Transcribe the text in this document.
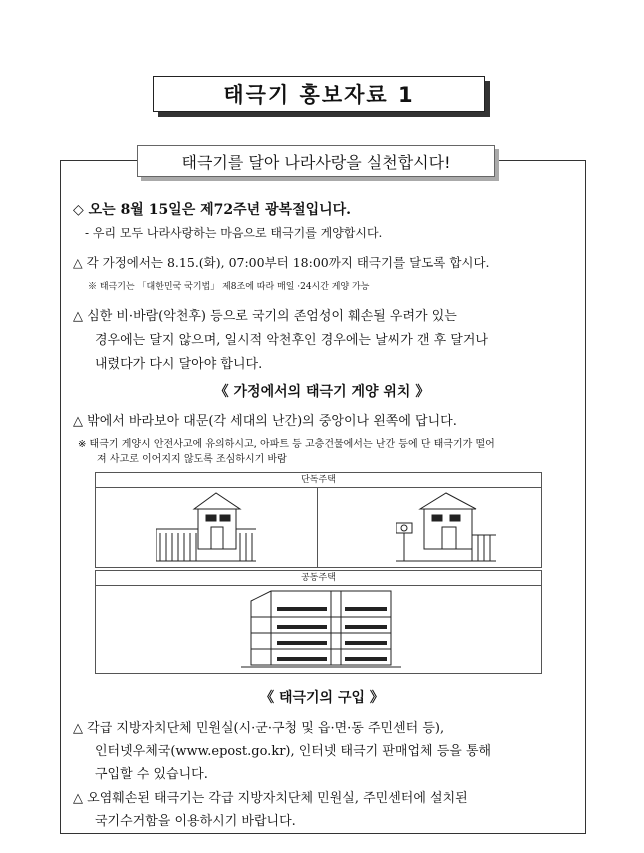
태극기 홍보자료 1
태극기를 달아 나라사랑을 실천합시다!
◇ 오는 8월 15일은 제72주년 광복절입니다.
- 우리 모두 나라사랑하는 마음으로 태극기를 게양합시다.
△ 각 가정에서는 8.15.(화), 07:00부터 18:00까지 태극기를 달도록 합시다.
※ 태극기는 「대한민국 국기법」 제8조에 따라 매일 ·24시간 게양 가능
△ 심한 비·바람(악천후) 등으로 국기의 존엄성이 훼손될 우려가 있는
경우에는 달지 않으며, 일시적 악천후인 경우에는 날씨가 갠 후 달거나
내렸다가 다시 달아야 합니다.
《 가정에서의 태극기 게양 위치 》
△ 밖에서 바라보아 대문(각 세대의 난간)의 중앙이나 왼쪽에 답니다.
※ 태극기 게양시 안전사고에 유의하시고, 아파트 등 고층건물에서는 난간 등에 단 태극기가 떨어
져 사고로 이어지지 않도록 조심하시기 바람
단독주택
공동주택
《 태극기의 구입 》
△ 각급 지방자치단체 민원실(시·군·구청 및 읍·면·동 주민센터 등),
인터넷우체국(www.epost.go.kr), 인터넷 태극기 판매업체 등을 통해
구입할 수 있습니다.
△ 오염훼손된 태극기는 각급 지방자치단체 민원실, 주민센터에 설치된
국기수거함을 이용하시기 바랍니다.
